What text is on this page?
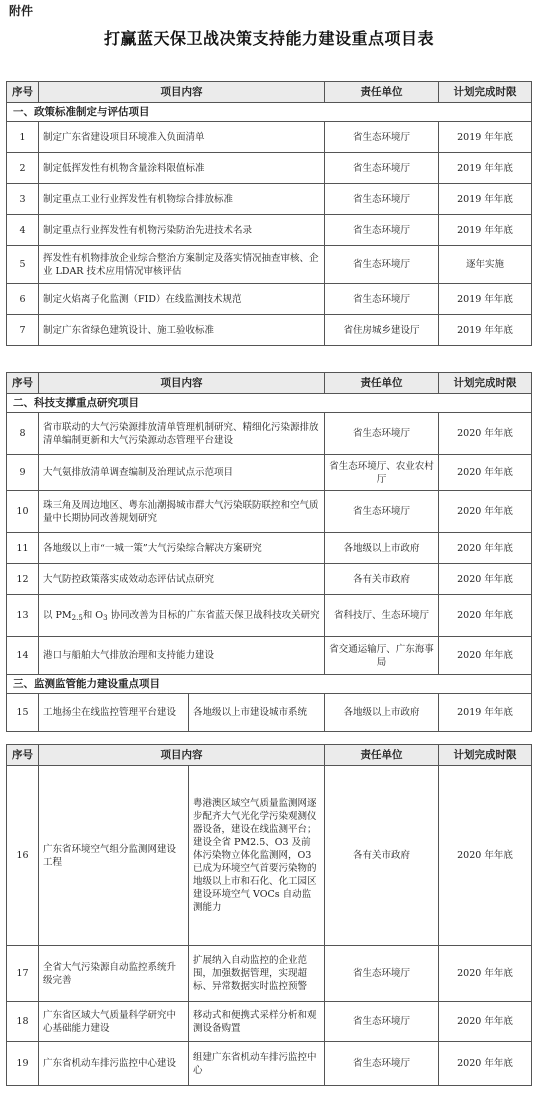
附件
打赢蓝天保卫战决策支持能力建设重点项目表
序号	项目内容	责任单位	计划完成时限
一、政策标准制定与评估项目			
1	制定广东省建设项目环境准入负面清单	省生态环境厅	2019 年年底
2	制定低挥发性有机物含量涂料限值标准	省生态环境厅	2019 年年底
3	制定重点工业行业挥发性有机物综合排放标准	省生态环境厅	2019 年年底
4	制定重点行业挥发性有机物污染防治先进技术名录	省生态环境厅	2019 年年底
5	挥发性有机物排放企业综合整治方案制定及落实情况抽查审核、企业 LDAR 技术应用情况审核评估	省生态环境厅	逐年实施
6	制定火焰离子化监测（FID）在线监测技术规范	省生态环境厅	2019 年年底
7	制定广东省绿色建筑设计、施工验收标准	省住房城乡建设厅	2019 年年底
序号	项目内容		责任单位	计划完成时限
二、科技支撑重点研究项目				
8	省市联动的大气污染源排放清单管理机制研究、精细化污染源排放清单编制更新和大气污染源动态管理平台建设		省生态环境厅	2020 年年底
9	大气氨排放清单调查编制及治理试点示范项目		省生态环境厅、农业农村厅	2020 年年底
10	珠三角及周边地区、粤东汕潮揭城市群大气污染联防联控和空气质量中长期协同改善规划研究		省生态环境厅	2020 年年底
11	各地级以上市“一城一策”大气污染综合解决方案研究		各地级以上市政府	2020 年年底
12	大气防控政策落实成效动态评估试点研究		各有关市政府	2020 年年底
13	以 $PM_{2.5}$和 $O_3$ 协同改善为目标的广东省蓝天保卫战科技攻关研究		省科技厅、生态环境厅	2020 年年底
14	港口与船舶大气排放治理和支持能力建设		省交通运输厅、广东海事局	2020 年年底
三、监测监管能力建设重点项目				
15	工地扬尘在线监控管理平台建设	各地级以上市建设城市系统	各地级以上市政府	2019 年年底
序号	项目内容		责任单位	计划完成时限
16	广东省环境空气组分监测网建设工程	粤港澳区域空气质量监测网逐步配齐大气光化学污染观测仪器设备，建设在线监测平台；建设全省 PM2.5、O3 及前体污染物立体化监测网，O3 已成为环境空气首要污染物的地级以上市和石化、化工园区建设环境空气 VOCs 自动监测能力	各有关市政府	2020 年年底
17	全省大气污染源自动监控系统升级完善	扩展纳入自动监控的企业范围，加强数据管理，实现超标、异常数据实时监控预警	省生态环境厅	2020 年年底
18	广东省区域大气质量科学研究中心基础能力建设	移动式和便携式采样分析和观测设备购置	省生态环境厅	2020 年年底
19	广东省机动车排污监控中心建设	组建广东省机动车排污监控中心	省生态环境厅	2020 年年底
